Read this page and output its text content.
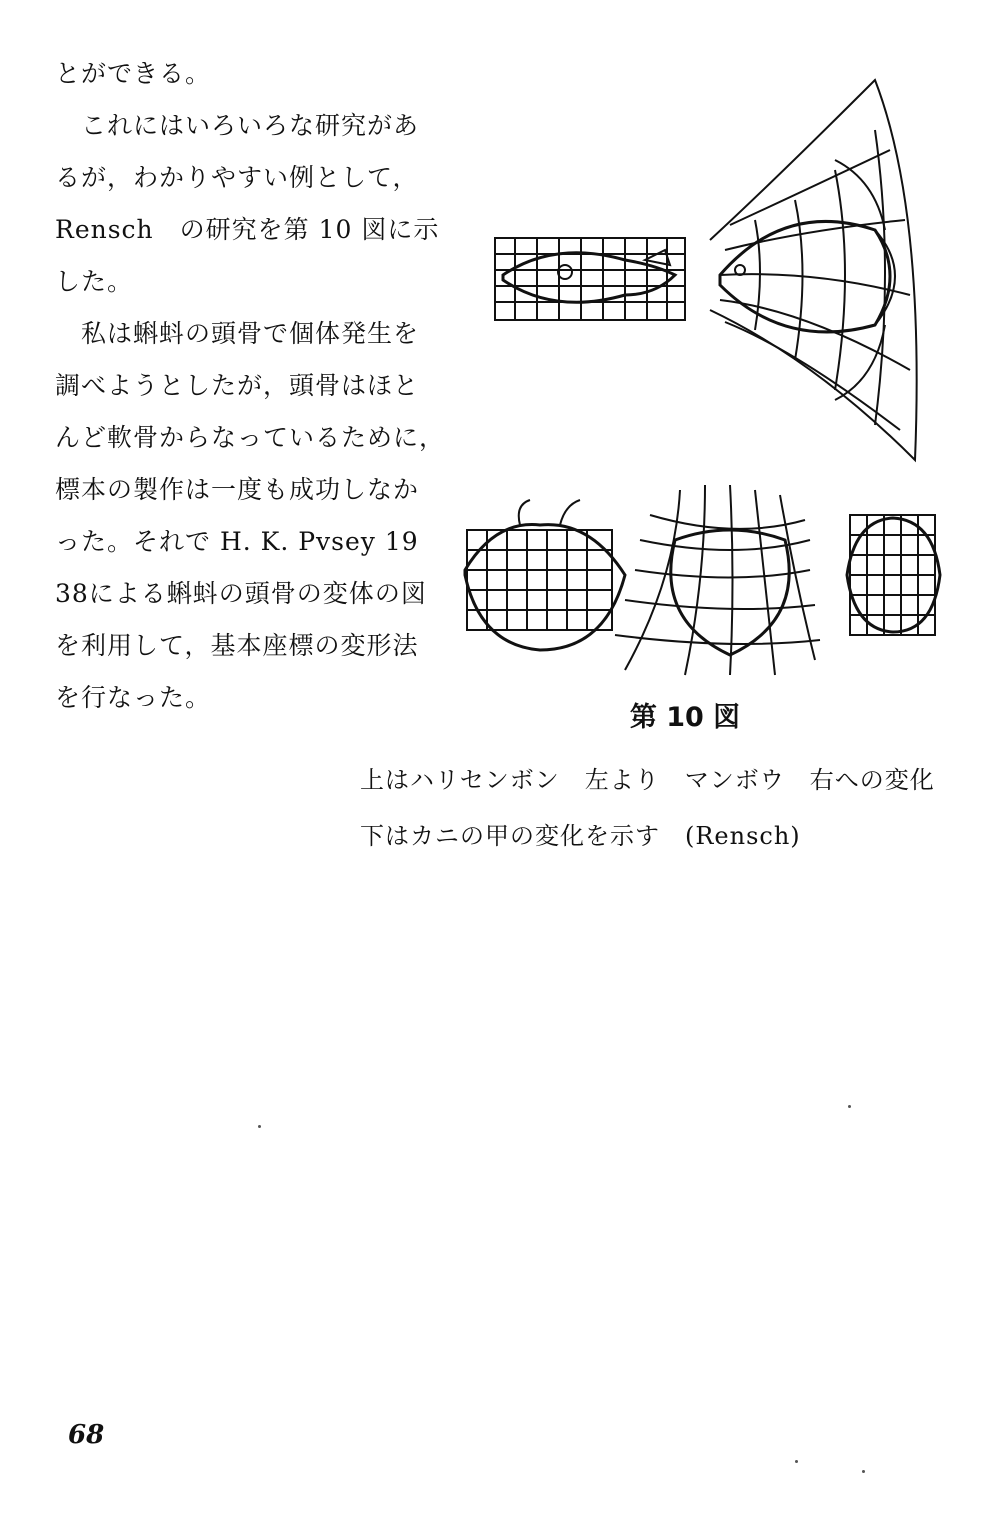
とができる。
　これにはいろいろな研究があ
るが，わかりやすい例として，
Rensch　の研究を第 10 図に示
した。
　私は蝌蚪の頭骨で個体発生を
調べようとしたが，頭骨はほと
んど軟骨からなっているために，
標本の製作は一度も成功しなか
った。それで H. K. Pvsey 19
38による蝌蚪の頭骨の変体の図
を利用して，基本座標の変形法
を行なった。
第 10 図
上はハリセンボン　左より　マンボウ　右への変化
下はカニの甲の変化を示す　(Rensch)
68
